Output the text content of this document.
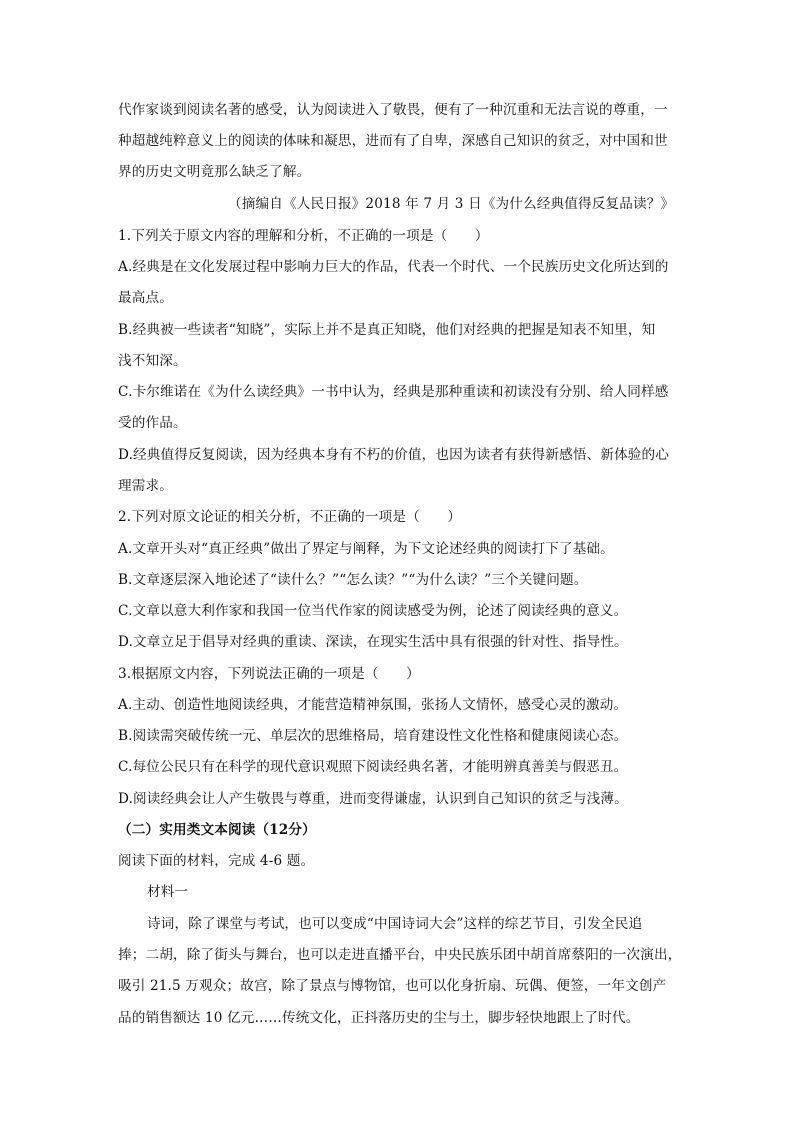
代作家谈到阅读名著的感受，认为阅读进入了敬畏，便有了一种沉重和无法言说的尊重，一
种超越纯粹意义上的阅读的体味和凝思，进而有了自卑，深感自己知识的贫乏，对中国和世
界的历史文明竟那么缺乏了解。
（摘编自《人民日报》2018 年 7 月 3 日《为什么经典值得反复品读？》
1.下列关于原文内容的理解和分析，不正确的一项是（　　）
A.经典是在文化发展过程中影响力巨大的作品，代表一个时代、一个民族历史文化所达到的
最高点。
B.经典被一些读者“知晓”，实际上并不是真正知晓，他们对经典的把握是知表不知里，知
浅不知深。
C.卡尔维诺在《为什么读经典》一书中认为，经典是那种重读和初读没有分别、给人同样感
受的作品。
D.经典值得反复阅读，因为经典本身有不朽的价值，也因为读者有获得新感悟、新体验的心
理需求。
2.下列对原文论证的相关分析，不正确的一项是（　　）
A.文章开头对“真正经典”做出了界定与阐释，为下文论述经典的阅读打下了基础。
B.文章逐层深入地论述了“读什么？”“怎么读？”“为什么读？”三个关键问题。
C.文章以意大利作家和我国一位当代作家的阅读感受为例，论述了阅读经典的意义。
D.文章立足于倡导对经典的重读、深读，在现实生活中具有很强的针对性、指导性。
3.根据原文内容，下列说法正确的一项是（　　）
A.主动、创造性地阅读经典，才能营造精神氛围，张扬人文情怀，感受心灵的激动。
B.阅读需突破传统一元、单层次的思维格局，培育建设性文化性格和健康阅读心态。
C.每位公民只有在科学的现代意识观照下阅读经典名著，才能明辨真善美与假恶丑。
D.阅读经典会让人产生敬畏与尊重，进而变得谦虚，认识到自己知识的贫乏与浅薄。
（二）实用类文本阅读（12分）
阅读下面的材料，完成 4-6 题。
材料一
诗词，除了课堂与考试，也可以变成“中国诗词大会”这样的综艺节目，引发全民追
捧；二胡，除了街头与舞台，也可以走进直播平台，中央民族乐团中胡首席蔡阳的一次演出，
吸引 21.5 万观众；故宫，除了景点与博物馆，也可以化身折扇、玩偶、便签，一年文创产
品的销售额达 10 亿元……传统文化，正抖落历史的尘与土，脚步轻快地跟上了时代。
